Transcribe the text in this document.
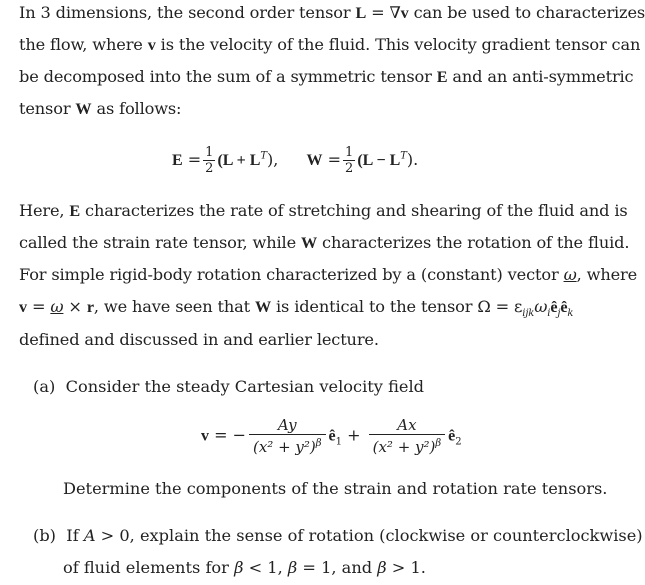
In 3 dimensions, the second order tensor L = ∇v can be used to characterizes
the flow, where v is the velocity of the fluid. This velocity gradient tensor can
be decomposed into the sum of a symmetric tensor E and an anti-symmetric
tensor W as follows:
$E = \frac{1}{2} (L + L^T)$, $W = \frac{1}{2} (L - L^T)$.
Here, E characterizes the rate of stretching and shearing of the fluid and is
called the strain rate tensor, while W characterizes the rotation of the fluid.
For simple rigid-body rotation characterized by a (constant) vector ω, where
v = ω × r, we have seen that W is identical to the tensor $\Omega = \varepsilon_{ijk}\omega_iê_jê_k$
defined and discussed in and earlier lecture.
(a) Consider the steady Cartesian velocity field
v = − $\frac{Ay}{(x^2 + y^2)^\beta}$ $ê_1 + \frac{Ax}{(x^2 + y^2)^\beta}$ $ê_2$
Determine the components of the strain and rotation rate tensors.
(b) If A > 0, explain the sense of rotation (clockwise or counterclockwise)
of fluid elements for β < 1, β = 1, and β > 1.
